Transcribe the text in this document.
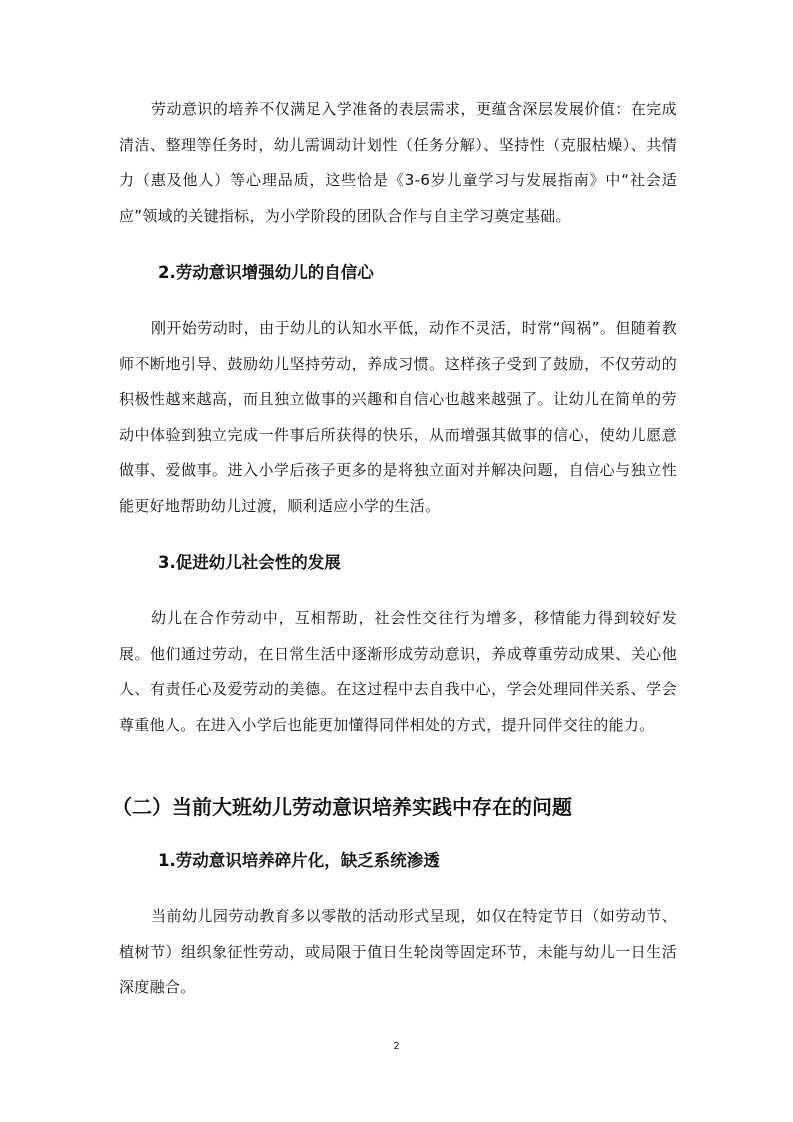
劳动意识的培养不仅满足入学准备的表层需求，更蕴含深层发展价值：在完成清洁、整理等任务时，幼儿需调动计划性（任务分解）、坚持性（克服枯燥）、共情力（惠及他人）等心理品质，这些恰是《3-6岁儿童学习与发展指南》中“社会适应”领域的关键指标，为小学阶段的团队合作与自主学习奠定基础。

2.劳动意识增强幼儿的自信心

刚开始劳动时，由于幼儿的认知水平低，动作不灵活，时常“闯祸”。但随着教师不断地引导、鼓励幼儿坚持劳动，养成习惯。这样孩子受到了鼓励，不仅劳动的积极性越来越高，而且独立做事的兴趣和自信心也越来越强了。让幼儿在简单的劳动中体验到独立完成一件事后所获得的快乐，从而增强其做事的信心，使幼儿愿意做事、爱做事。进入小学后孩子更多的是将独立面对并解决问题，自信心与独立性能更好地帮助幼儿过渡，顺利适应小学的生活。

3.促进幼儿社会性的发展

幼儿在合作劳动中，互相帮助，社会性交往行为增多，移情能力得到较好发展。他们通过劳动，在日常生活中逐渐形成劳动意识，养成尊重劳动成果、关心他人、有责任心及爱劳动的美德。在这过程中去自我中心，学会处理同伴关系、学会尊重他人。在进入小学后也能更加懂得同伴相处的方式，提升同伴交往的能力。

（二）当前大班幼儿劳动意识培养实践中存在的问题
1.劳动意识培养碎片化，缺乏系统渗透

当前幼儿园劳动教育多以零散的活动形式呈现，如仅在特定节日（如劳动节、植树节）组织象征性劳动，或局限于值日生轮岗等固定环节，未能与幼儿一日生活深度融合。

2
